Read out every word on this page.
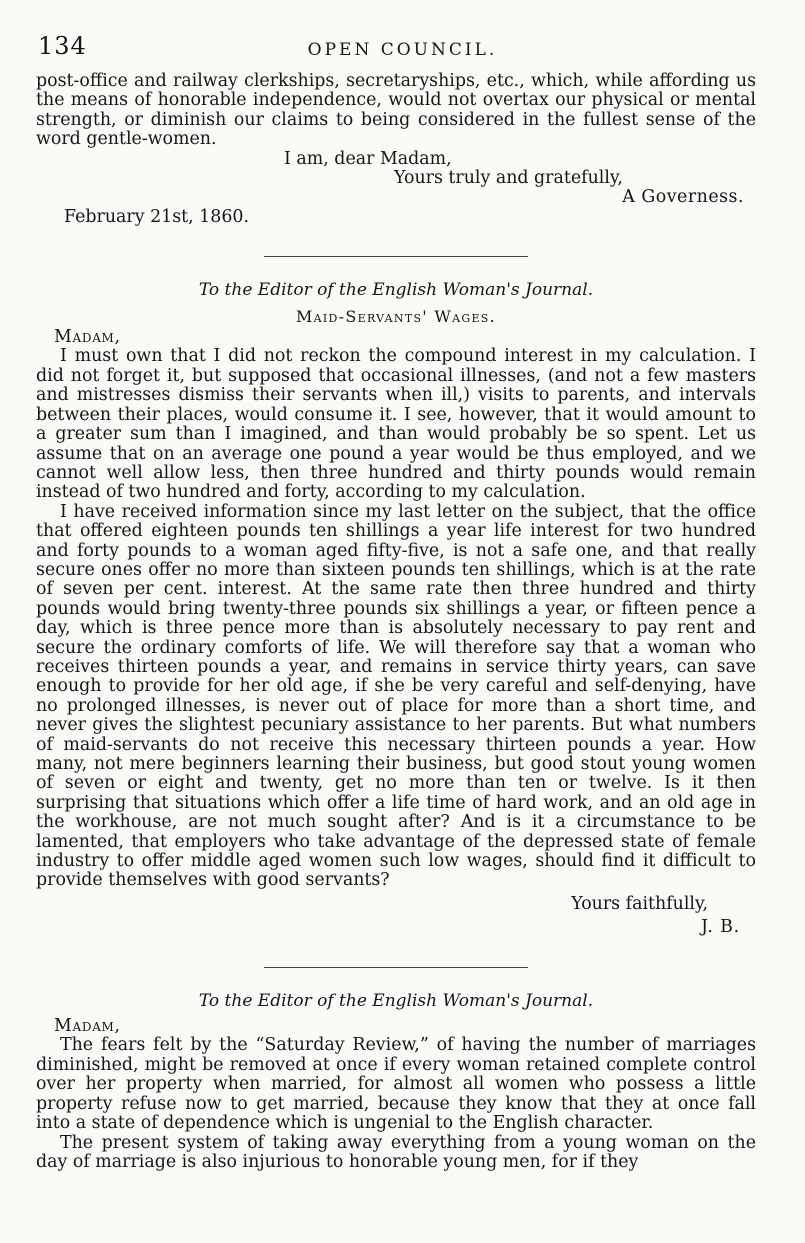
134	OPEN COUNCIL.

post-office and railway clerkships, secretaryships, etc., which, while affording us the means of honorable independence, would not overtax our physical or mental strength, or diminish our claims to being considered in the fullest sense of the word gentle-women.

I am, dear Madam,

Yours truly and gratefully,

A Governess.

February 21st, 1860.

To the Editor of the English Woman's Journal.

Maid-Servants' Wages.

Madam,

I must own that I did not reckon the compound interest in my calculation. I did not forget it, but supposed that occasional illnesses, (and not a few masters and mistresses dismiss their servants when ill,) visits to parents, and intervals between their places, would consume it. I see, however, that it would amount to a greater sum than I imagined, and than would probably be so spent. Let us assume that on an average one pound a year would be thus employed, and we cannot well allow less, then three hundred and thirty pounds would remain instead of two hundred and forty, according to my calculation.

I have received information since my last letter on the subject, that the office that offered eighteen pounds ten shillings a year life interest for two hundred and forty pounds to a woman aged fifty-five, is not a safe one, and that really secure ones offer no more than sixteen pounds ten shillings, which is at the rate of seven per cent. interest. At the same rate then three hundred and thirty pounds would bring twenty-three pounds six shillings a year, or fifteen pence a day, which is three pence more than is absolutely necessary to pay rent and secure the ordinary comforts of life. We will therefore say that a woman who receives thirteen pounds a year, and remains in service thirty years, can save enough to provide for her old age, if she be very careful and self-denying, have no prolonged illnesses, is never out of place for more than a short time, and never gives the slightest pecuniary assistance to her parents. But what numbers of maid-servants do not receive this necessary thirteen pounds a year. How many, not mere beginners learning their business, but good stout young women of seven or eight and twenty, get no more than ten or twelve. Is it then surprising that situations which offer a life time of hard work, and an old age in the workhouse, are not much sought after? And is it a circumstance to be lamented, that employers who take advantage of the depressed state of female industry to offer middle aged women such low wages, should find it difficult to provide themselves with good servants?

Yours faithfully,

J. B.

To the Editor of the English Woman's Journal.

Madam,

The fears felt by the “Saturday Review,” of having the number of marriages diminished, might be removed at once if every woman retained complete control over her property when married, for almost all women who possess a little property refuse now to get married, because they know that they at once fall into a state of dependence which is ungenial to the English character.

The present system of taking away everything from a young woman on the day of marriage is also injurious to honorable young men, for if they
